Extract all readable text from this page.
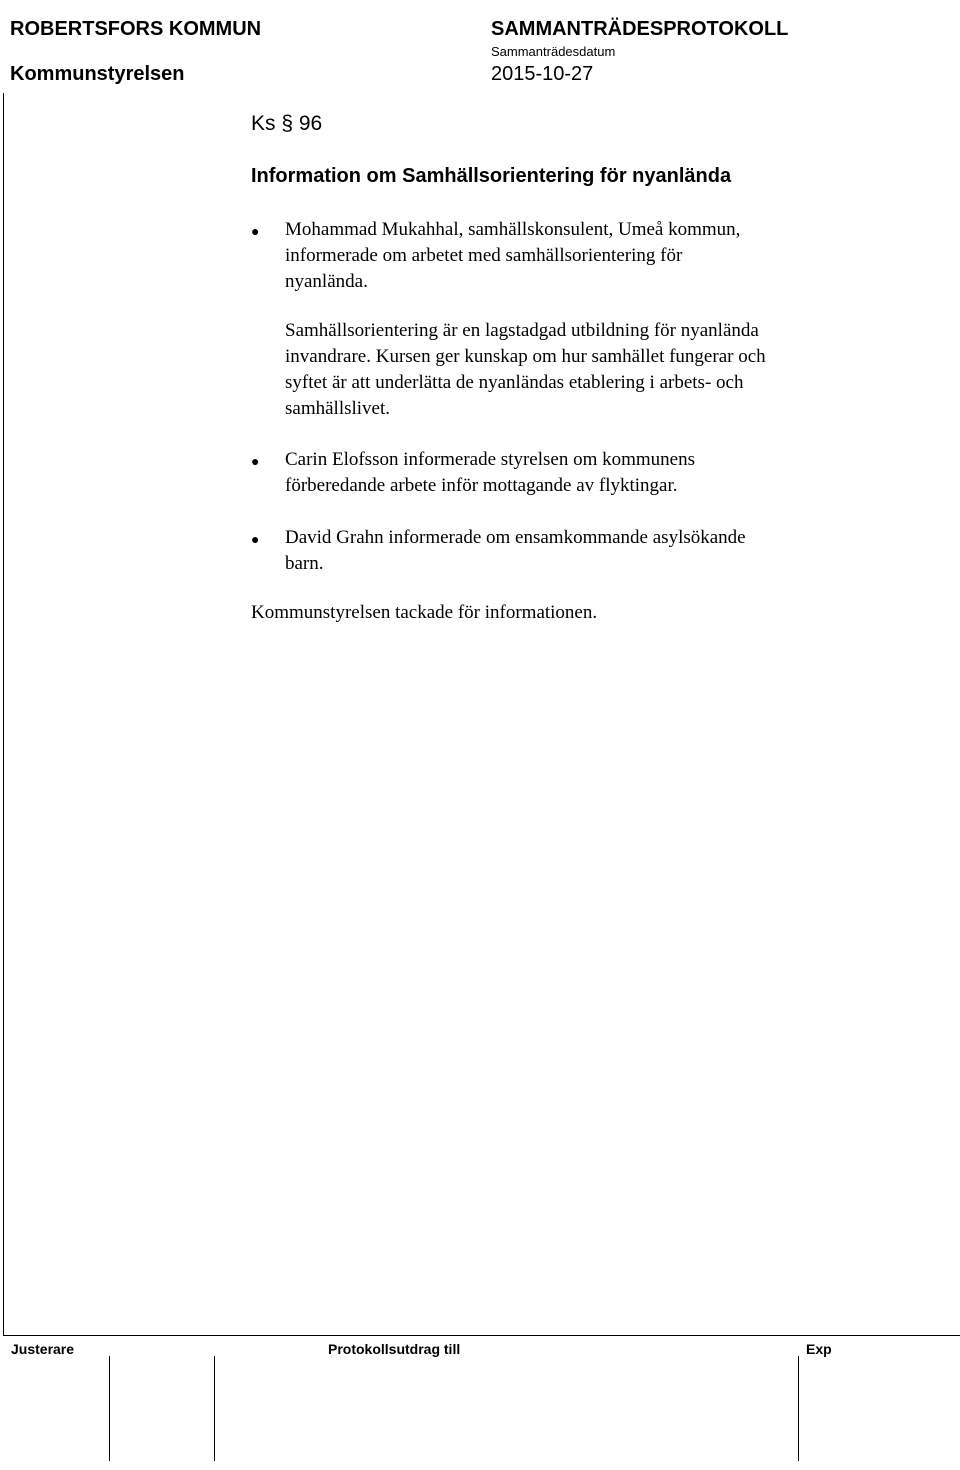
ROBERTSFORS KOMMUN
Kommunstyrelsen
SAMMANTRÄDESPROTOKOLL
Sammanträdesdatum
2015-10-27
Ks § 96
Information om Samhällsorientering för nyanlända
● Mohammad Mukahhal, samhällskonsulent, Umeå kommun,
informerade om arbetet med samhällsorientering för
nyanlända.
Samhällsorientering är en lagstadgad utbildning för nyanlända
invandrare. Kursen ger kunskap om hur samhället fungerar och
syftet är att underlätta de nyanländas etablering i arbets- och
samhällslivet.
● Carin Elofsson informerade styrelsen om kommunens
förberedande arbete inför mottagande av flyktingar.
● David Grahn informerade om ensamkommande asylsökande
barn.
Kommunstyrelsen tackade för informationen.
Justerare	Protokollsutdrag till	Exp
